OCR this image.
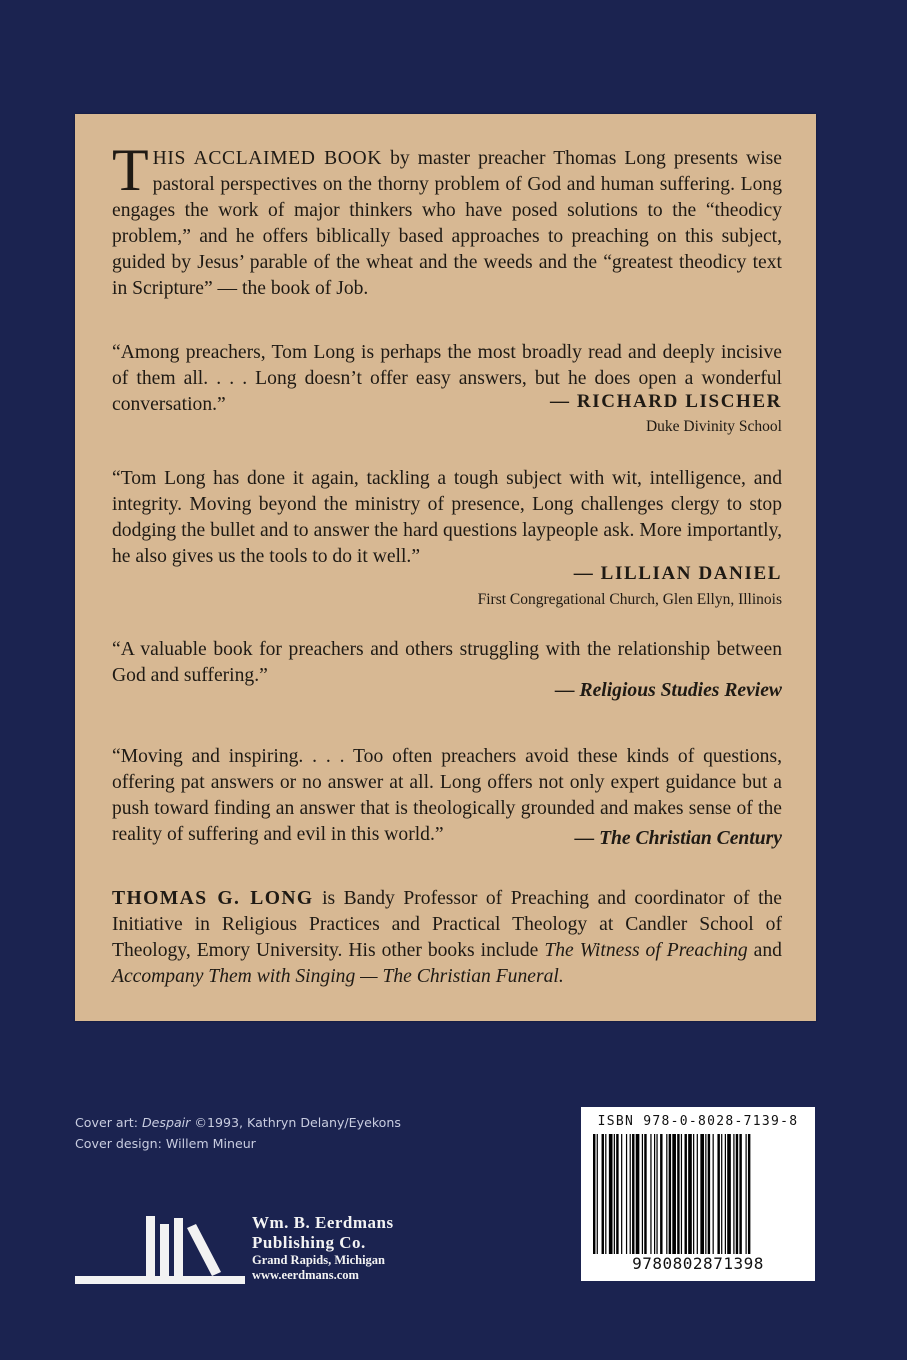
THIS ACCLAIMED BOOK by master preacher Thomas Long presents wise pastoral perspectives on the thorny problem of God and human suffering. Long engages the work of major thinkers who have posed solutions to the “theodicy problem,” and he offers biblically based approaches to preaching on this subject, guided by Jesus’ parable of the wheat and the weeds and the “greatest theodicy text in Scripture” — the book of Job.

“Among preachers, Tom Long is perhaps the most broadly read and deeply incisive of them all. . . . Long doesn’t offer easy answers, but he does open a wonderful conversation.”	— RICHARD LISCHER

Duke Divinity School

“Tom Long has done it again, tackling a tough subject with wit, intelligence, and integrity. Moving beyond the ministry of presence, Long challenges clergy to stop dodging the bullet and to answer the hard questions laypeople ask. More importantly, he also gives us the tools to do it well.”

— LILLIAN DANIEL

First Congregational Church, Glen Ellyn, Illinois

“A valuable book for preachers and others struggling with the relationship between God and suffering.”

— Religious Studies Review

“Moving and inspiring. . . . Too often preachers avoid these kinds of questions, offering pat answers or no answer at all. Long offers not only expert guidance but a push toward finding an answer that is theologically grounded and makes sense of the reality of suffering and evil in this world.”	— The Christian Century

THOMAS G. LONG is Bandy Professor of Preaching and coordinator of the Initiative in Religious Practices and Practical Theology at Candler School of Theology, Emory University. His other books include The Witness of Preaching and Accompany Them with Singing — The Christian Funeral.

Cover art: Despair ©1993, Kathryn Delany/Eyekons
Cover design: Willem Mineur
Wm. B. Eerdmans
Publishing Co.
Grand Rapids, Michigan
www.eerdmans.com
ISBN 978-0-8028-7139-8
9780802871398
